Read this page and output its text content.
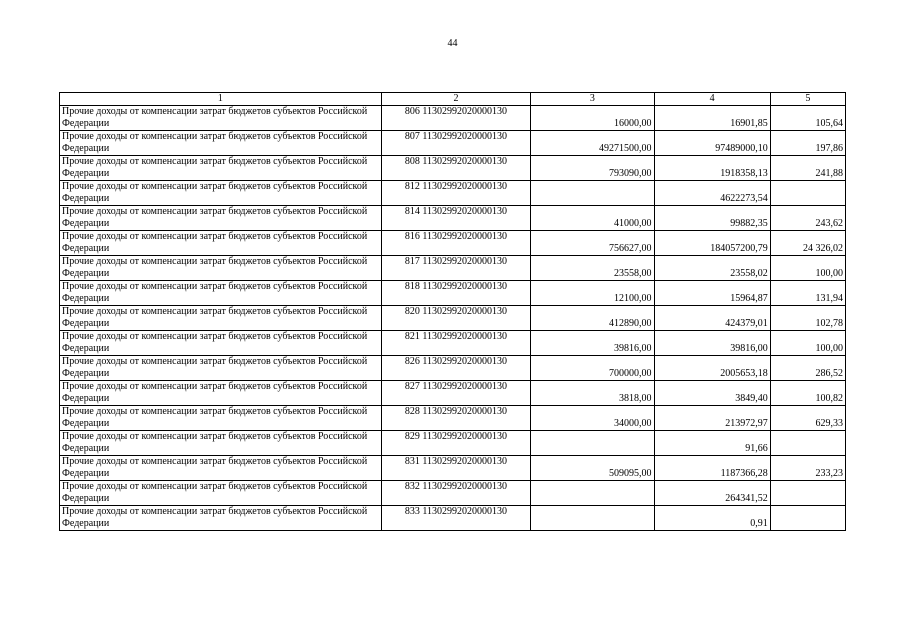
44
1	2	3	4	5
Прочие доходы от компенсации затрат бюджетов субъектов Российской Федерации	806 11302992020000130	16000,00	16901,85	105,64
Прочие доходы от компенсации затрат бюджетов субъектов Российской Федерации	807 11302992020000130	49271500,00	97489000,10	197,86
Прочие доходы от компенсации затрат бюджетов субъектов Российской Федерации	808 11302992020000130	793090,00	1918358,13	241,88
Прочие доходы от компенсации затрат бюджетов субъектов Российской Федерации	812 11302992020000130		4622273,54	
Прочие доходы от компенсации затрат бюджетов субъектов Российской Федерации	814 11302992020000130	41000,00	99882,35	243,62
Прочие доходы от компенсации затрат бюджетов субъектов Российской Федерации	816 11302992020000130	756627,00	184057200,79	24 326,02
Прочие доходы от компенсации затрат бюджетов субъектов Российской Федерации	817 11302992020000130	23558,00	23558,02	100,00
Прочие доходы от компенсации затрат бюджетов субъектов Российской Федерации	818 11302992020000130	12100,00	15964,87	131,94
Прочие доходы от компенсации затрат бюджетов субъектов Российской Федерации	820 11302992020000130	412890,00	424379,01	102,78
Прочие доходы от компенсации затрат бюджетов субъектов Российской Федерации	821 11302992020000130	39816,00	39816,00	100,00
Прочие доходы от компенсации затрат бюджетов субъектов Российской Федерации	826 11302992020000130	700000,00	2005653,18	286,52
Прочие доходы от компенсации затрат бюджетов субъектов Российской Федерации	827 11302992020000130	3818,00	3849,40	100,82
Прочие доходы от компенсации затрат бюджетов субъектов Российской Федерации	828 11302992020000130	34000,00	213972,97	629,33
Прочие доходы от компенсации затрат бюджетов субъектов Российской Федерации	829 11302992020000130		91,66	
Прочие доходы от компенсации затрат бюджетов субъектов Российской Федерации	831 11302992020000130	509095,00	1187366,28	233,23
Прочие доходы от компенсации затрат бюджетов субъектов Российской Федерации	832 11302992020000130		264341,52	
Прочие доходы от компенсации затрат бюджетов субъектов Российской Федерации	833 11302992020000130		0,91	
